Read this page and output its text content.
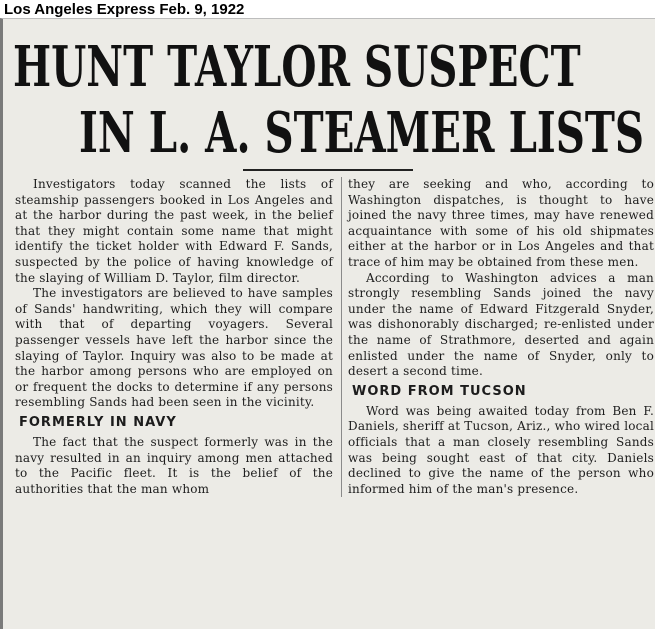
Los Angeles Express Feb. 9, 1922
HUNT TAYLOR SUSPECT
IN L. A. STEAMER LISTS

Investigators today scanned the lists of steamship passengers booked in Los Angeles and at the harbor during the past week, in the belief that they might contain some name that might identify the ticket holder with Edward F. Sands, suspected by the police of having knowledge of the slaying of William D. Taylor, film director.

The investigators are believed to have samples of Sands' handwriting, which they will compare with that of departing voyagers. Several passenger vessels have left the harbor since the slaying of Taylor. Inquiry was also to be made at the harbor among persons who are employed on or frequent the docks to determine if any persons resembling Sands had been seen in the vicinity.

FORMERLY IN NAVY

The fact that the suspect formerly was in the navy resulted in an inquiry among men attached to the Pacific fleet. It is the belief of the authorities that the man whom

they are seeking and who, according to Washington dispatches, is thought to have joined the navy three times, may have renewed acquaintance with some of his old shipmates either at the harbor or in Los Angeles and that trace of him may be obtained from these men.

According to Washington advices a man strongly resembling Sands joined the navy under the name of Edward Fitzgerald Snyder, was dishonorably discharged; re-enlisted under the name of Strathmore, deserted and again enlisted under the name of Snyder, only to desert a second time.

WORD FROM TUCSON

Word was being awaited today from Ben F. Daniels, sheriff at Tucson, Ariz., who wired local officials that a man closely resembling Sands was being sought east of that city. Daniels declined to give the name of the person who informed him of the man's presence.
